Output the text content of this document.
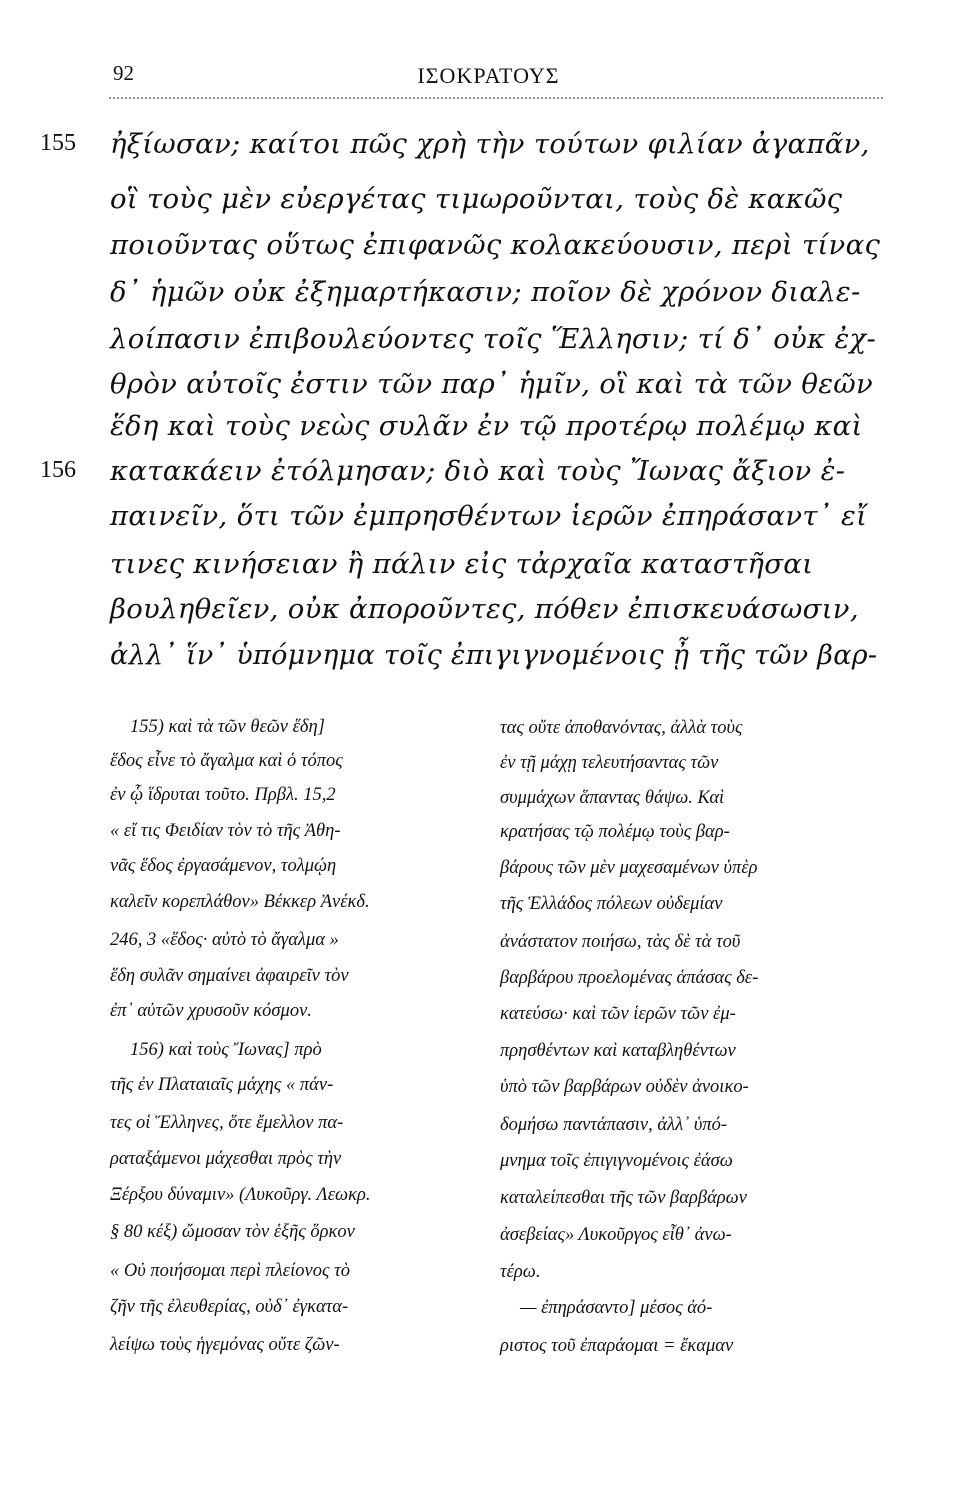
92	ΙΣΟΚΡΑΤΟΥΣ
155
156
ἠξίωσαν; καίτοι πῶς χρὴ τὴν τούτων φιλίαν ἀγαπᾶν,
οἳ τοὺς μὲν εὐεργέτας τιμωροῦνται, τοὺς δὲ κακῶς
ποιοῦντας οὕτως ἐπιφανῶς κολακεύουσιν, περὶ τίνας
δ᾽ ἡμῶν οὐκ ἐξημαρτήκασιν; ποῖον δὲ χρόνον διαλε-
λοίπασιν ἐπιβουλεύοντες τοῖς Ἕλλησιν; τί δ᾽ οὐκ ἐχ-
θρὸν αὐτοῖς ἐστιν τῶν παρ᾽ ἡμῖν, οἳ καὶ τὰ τῶν θεῶν
ἕδη καὶ τοὺς νεὼς συλᾶν ἐν τῷ προτέρῳ πολέμῳ καὶ
κατακάειν ἐτόλμησαν; διὸ καὶ τοὺς Ἴωνας ἄξιον ἐ-
παινεῖν, ὅτι τῶν ἐμπρησθέντων ἱερῶν ἐπηράσαντ᾽ εἴ
τινες κινήσειαν ἢ πάλιν εἰς τἀρχαῖα καταστῆσαι
βουληθεῖεν, οὐκ ἀποροῦντες, πόθεν ἐπισκευάσωσιν,
ἀλλ᾽ ἵν᾽ ὑπόμνημα τοῖς ἐπιγιγνομένοις ᾖ τῆς τῶν βαρ-
155) καὶ τὰ τῶν θεῶν ἕδη]
ἕδος εἶνε τὸ ἄγαλμα καὶ ὁ τόπος
ἐν ᾧ ἵδρυται τοῦτο. Πρβλ. 15,2
« εἴ τις Φειδίαν τὸν τὸ τῆς Ἀθη-
νᾶς ἕδος ἐργασάμενον, τολμῴη
καλεῖν κορεπλάθον» Βέκκερ Ἀνέκδ.
246, 3 «ἕδος· αὐτὸ τὸ ἄγαλμα »
ἕδη συλᾶν σημαίνει ἀφαιρεῖν τὸν
ἐπ᾽ αὐτῶν χρυσοῦν κόσμον.
156) καὶ τοὺς Ἴωνας] πρὸ
τῆς ἐν Πλαταιαῖς μάχης « πάν-
τες οἱ Ἕλληνες, ὅτε ἔμελλον πα-
ραταξάμενοι μάχεσθαι πρὸς τὴν
Ξέρξου δύναμιν» (Λυκοῦργ. Λεωκρ.
§ 80 κέξ) ὤμοσαν τὸν ἑξῆς ὅρκον
« Οὐ ποιήσομαι περὶ πλείονος τὸ
ζῆν τῆς ἐλευθερίας, οὐδ᾽ ἐγκατα-
λείψω τοὺς ἡγεμόνας οὔτε ζῶν-
τας οὔτε ἀποθανόντας, ἀλλὰ τοὺς
ἐν τῇ μάχῃ τελευτήσαντας τῶν
συμμάχων ἅπαντας θάψω. Καὶ
κρατήσας τῷ πολέμῳ τοὺς βαρ-
βάρους τῶν μὲν μαχεσαμένων ὑπὲρ
τῆς Ἑλλάδος πόλεων οὐδεμίαν
ἀνάστατον ποιήσω, τὰς δὲ τὰ τοῦ
βαρβάρου προελομένας ἁπάσας δε-
κατεύσω· καὶ τῶν ἱερῶν τῶν ἐμ-
πρησθέντων καὶ καταβληθέντων
ὑπὸ τῶν βαρβάρων οὐδὲν ἀνοικο-
δομήσω παντάπασιν, ἀλλ᾽ ὑπό-
μνημα τοῖς ἐπιγιγνομένοις ἐάσω
καταλείπεσθαι τῆς τῶν βαρβάρων
ἀσεβείας» Λυκοῦργος εἶθ᾽ ἀνω-
τέρω.
— ἐπηράσαντο] μέσος ἀό-
ριστος τοῦ ἐπαράομαι = ἔκαμαν
